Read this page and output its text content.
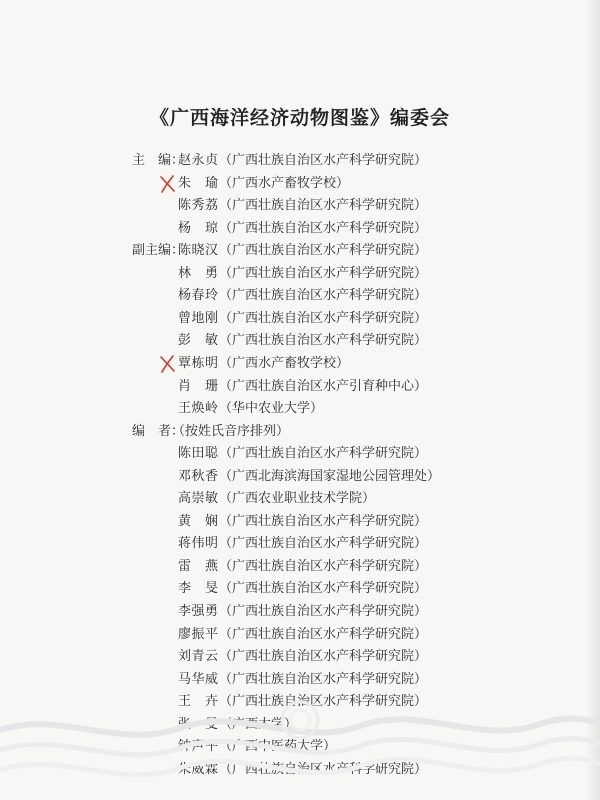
《广西海洋经济动物图鉴》编委会
主　编：
赵永贞 （广西壮族自治区水产科学研究院）
朱　瑜 （广西水产畜牧学校）
陈秀荔 （广西壮族自治区水产科学研究院）
杨　琼 （广西壮族自治区水产科学研究院）
副主编：
陈晓汉 （广西壮族自治区水产科学研究院）
林　勇 （广西壮族自治区水产科学研究院）
杨春玲 （广西壮族自治区水产科学研究院）
曾地刚 （广西壮族自治区水产科学研究院）
彭　敏 （广西壮族自治区水产科学研究院）
覃栋明 （广西水产畜牧学校）
肖　珊 （广西壮族自治区水产引育种中心）
王焕岭 （华中农业大学）
编　者：
（按姓氏音序排列）
陈田聪 （广西壮族自治区水产科学研究院）
邓秋香 （广西北海滨海国家湿地公园管理处）
高崇敏 （广西农业职业技术学院）
黄　娴 （广西壮族自治区水产科学研究院）
蒋伟明 （广西壮族自治区水产科学研究院）
雷　燕 （广西壮族自治区水产科学研究院）
李　旻 （广西壮族自治区水产科学研究院）
李强勇 （广西壮族自治区水产科学研究院）
廖振平 （广西壮族自治区水产科学研究院）
刘青云 （广西壮族自治区水产科学研究院）
马华威 （广西壮族自治区水产科学研究院）
王　卉 （广西壮族自治区水产科学研究院）
张　旻 （广西大学）
钟声平 （广西中医药大学）
朱威霖 （广西壮族自治区水产科学研究院）
